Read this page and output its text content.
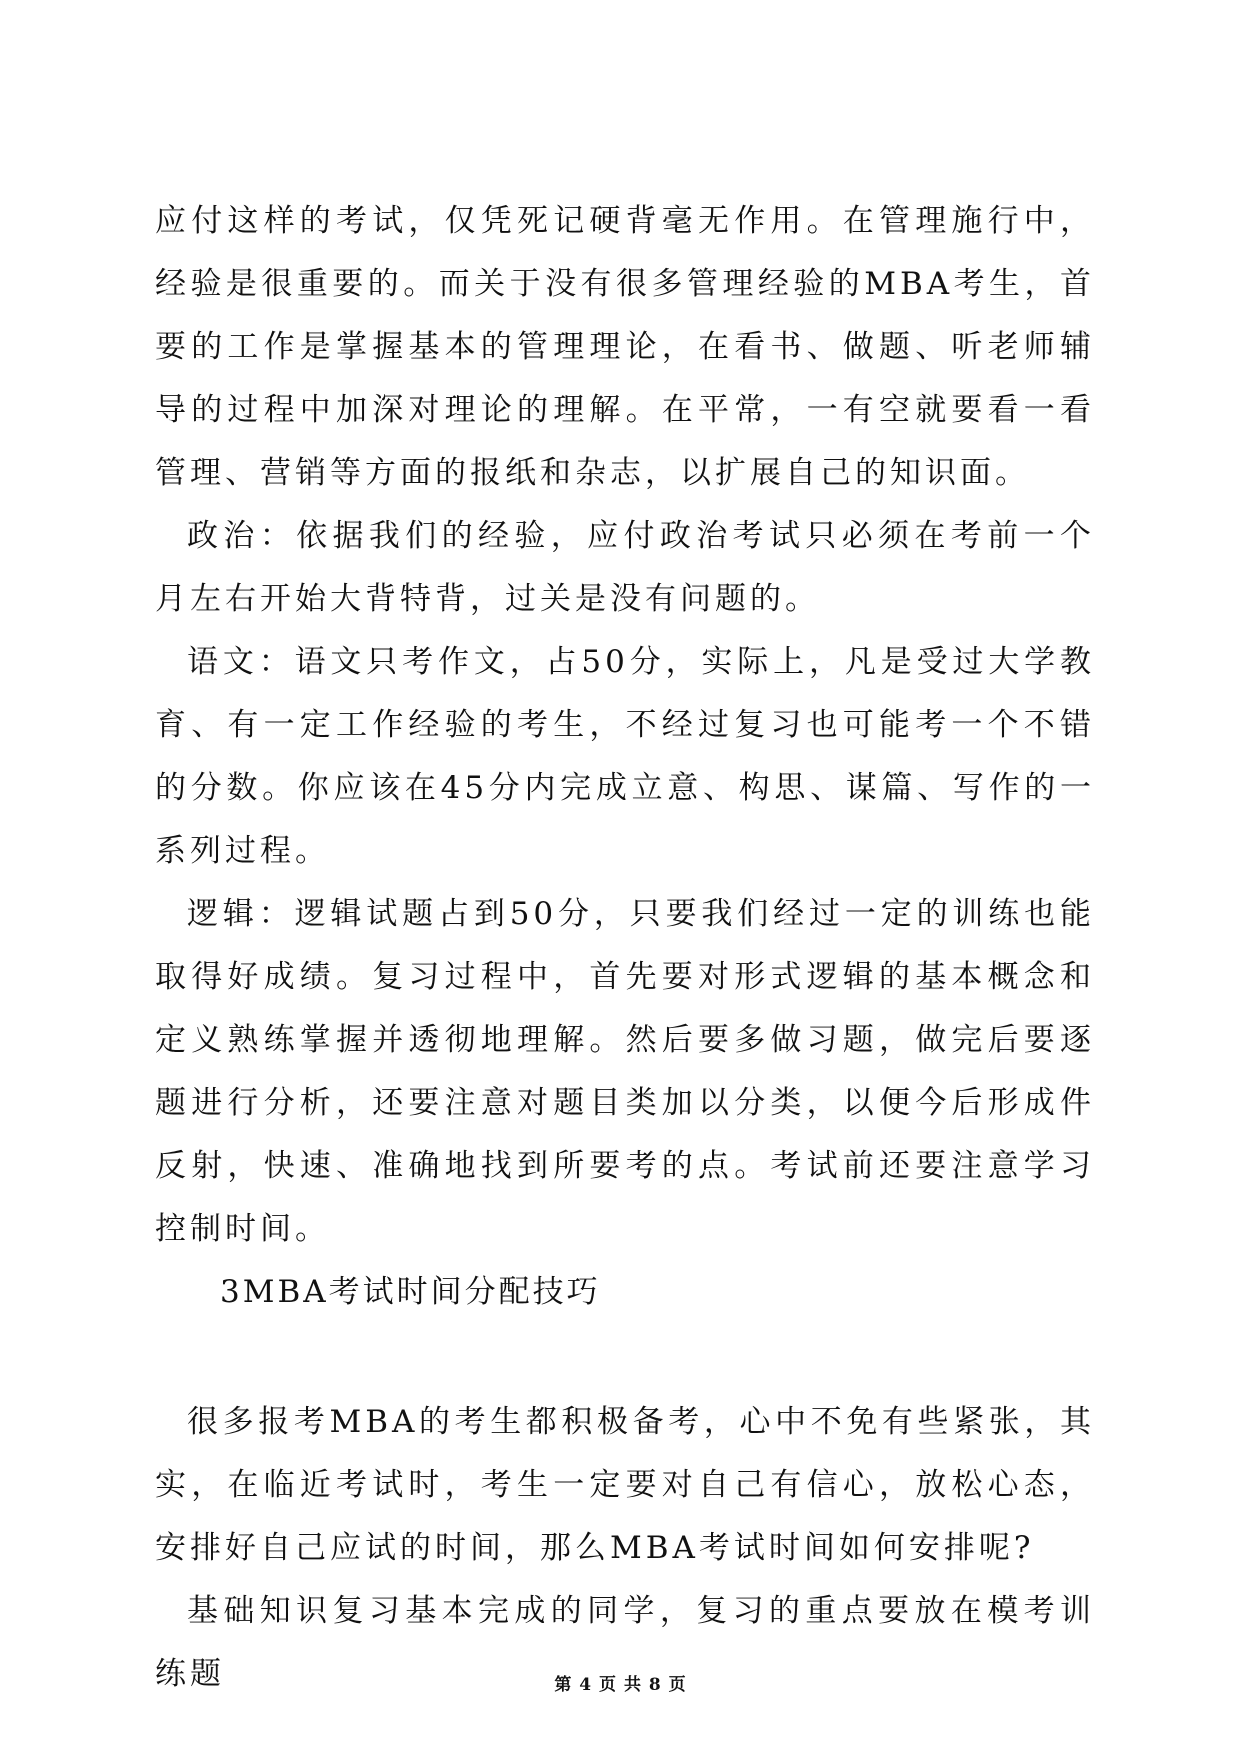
应付这样的考试，仅凭死记硬背毫无作用。在管理施行中，经验是很重要的。而关于没有很多管理经验的MBA考生，首要的工作是掌握基本的管理理论，在看书、做题、听老师辅导的过程中加深对理论的理解。在平常，一有空就要看一看管理、营销等方面的报纸和杂志，以扩展自己的知识面。

政治：依据我们的经验，应付政治考试只必须在考前一个月左右开始大背特背，过关是没有问题的。

语文：语文只考作文，占50分，实际上，凡是受过大学教育、有一定工作经验的考生，不经过复习也可能考一个不错的分数。你应该在45分内完成立意、构思、谋篇、写作的一系列过程。

逻辑：逻辑试题占到50分，只要我们经过一定的训练也能取得好成绩。复习过程中，首先要对形式逻辑的基本概念和定义熟练掌握并透彻地理解。然后要多做习题，做完后要逐题进行分析，还要注意对题目类加以分类，以便今后形成件反射，快速、准确地找到所要考的点。考试前还要注意学习控制时间。

3MBA考试时间分配技巧

很多报考MBA的考生都积极备考，心中不免有些紧张，其实，在临近考试时，考生一定要对自己有信心，放松心态，安排好自己应试的时间，那么MBA考试时间如何安排呢?

基础知识复习基本完成的同学，复习的重点要放在模考训练题	第 4 页 共 8 页
